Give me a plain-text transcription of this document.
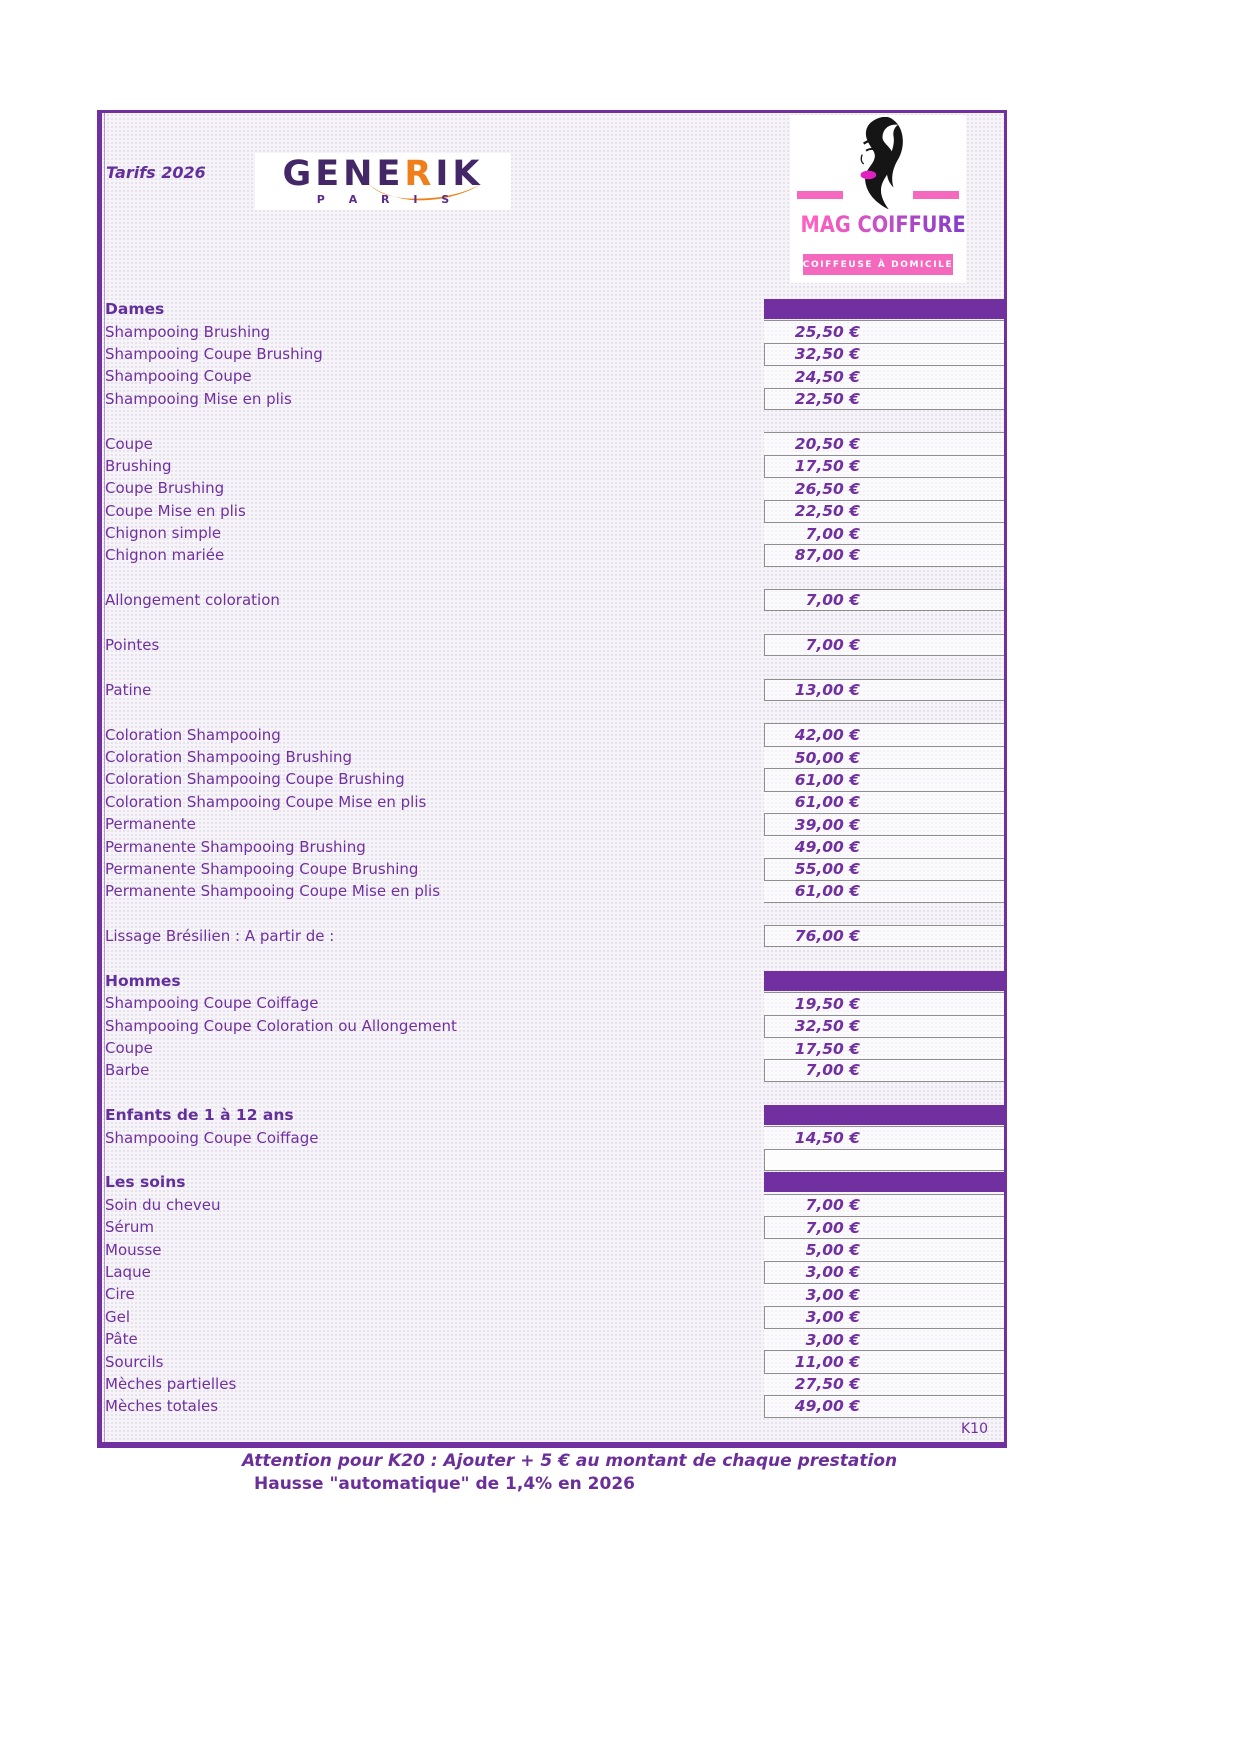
Tarifs 2026 GENERIK
P A R I S
MAG COIFFURE
COIFFEUSE À DOMICILE
Dames
Shampooing Brushing	25,50 €
Shampooing Coupe Brushing	32,50 €
Shampooing Coupe	24,50 €
Shampooing Mise en plis	22,50 €
Coupe	20,50 €
Brushing	17,50 €
Coupe Brushing	26,50 €
Coupe Mise en plis	22,50 €
Chignon simple	7,00 €
Chignon mariée	87,00 €
Allongement coloration	7,00 €
Pointes	7,00 €
Patine	13,00 €
Coloration Shampooing	42,00 €
Coloration Shampooing Brushing	50,00 €
Coloration Shampooing Coupe Brushing	61,00 €
Coloration Shampooing Coupe Mise en plis	61,00 €
Permanente	39,00 €
Permanente Shampooing Brushing	49,00 €
Permanente Shampooing Coupe Brushing	55,00 €
Permanente Shampooing Coupe Mise en plis	61,00 €
Lissage Brésilien : A partir de :	76,00 €
Hommes
Shampooing Coupe Coiffage	19,50 €
Shampooing Coupe Coloration ou Allongement	32,50 €
Coupe	17,50 €
Barbe	7,00 €
Enfants de 1 à 12 ans
Shampooing Coupe Coiffage	14,50 €
Les soins
Soin du cheveu	7,00 €
Sérum	7,00 €
Mousse	5,00 €
Laque	3,00 €
Cire	3,00 €
Gel	3,00 €
Pâte	3,00 €
Sourcils	11,00 €
Mèches partielles	27,50 €
Mèches totales	49,00 €
K10
Attention pour K20 : Ajouter + 5 € au montant de chaque prestation
Hausse "automatique" de 1,4% en 2026
